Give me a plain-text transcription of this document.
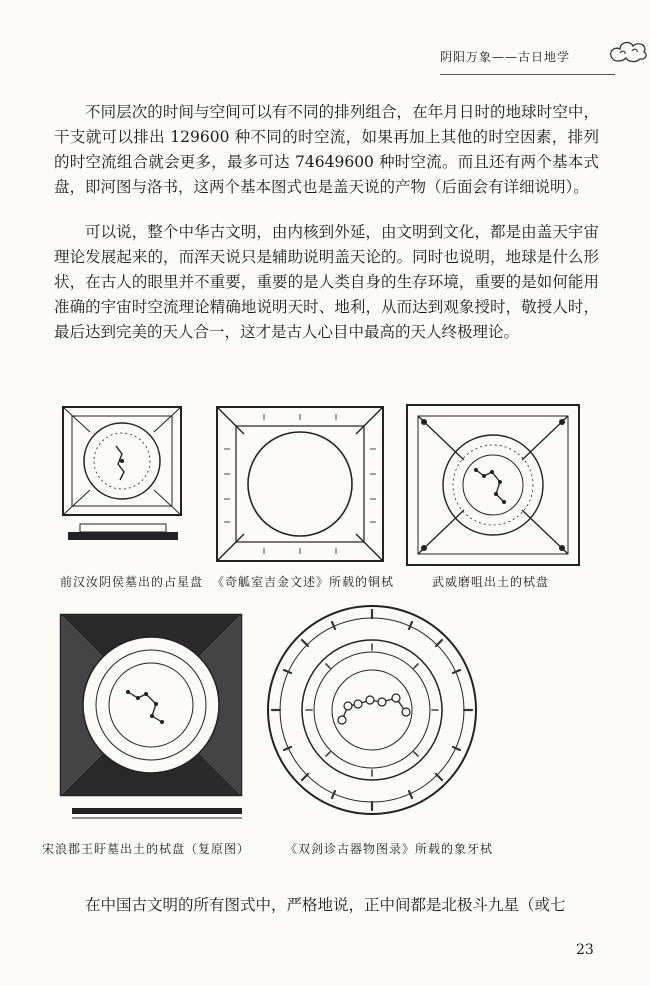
阴阳万象——古日地学

不同层次的时间与空间可以有不同的排列组合，在年月日时的地球时空中，干支就可以排出 129600 种不同的时空流，如果再加上其他的时空因素，排列的时空流组合就会更多，最多可达 74649600 种时空流。而且还有两个基本式盘，即河图与洛书，这两个基本图式也是盖天说的产物（后面会有详细说明）。

可以说，整个中华古文明，由内核到外延，由文明到文化，都是由盖天宇宙理论发展起来的，而浑天说只是辅助说明盖天论的。同时也说明，地球是什么形状，在古人的眼里并不重要，重要的是人类自身的生存环境，重要的是如何能用准确的宇宙时空流理论精确地说明天时、地利，从而达到观象授时，敬授人时，最后达到完美的天人合一，这才是古人心目中最高的天人终极理论。

前汉汝阴侯墓出的占星盘 《奇觚室吉金文述》所载的铜栻	武威磨咀出土的栻盘
宋浪郡王盱墓出土的栻盘（复原图）	《双剑诊古器物图录》所载的象牙栻

在中国古文明的所有图式中，严格地说，正中间都是北极斗九星（或七

23
